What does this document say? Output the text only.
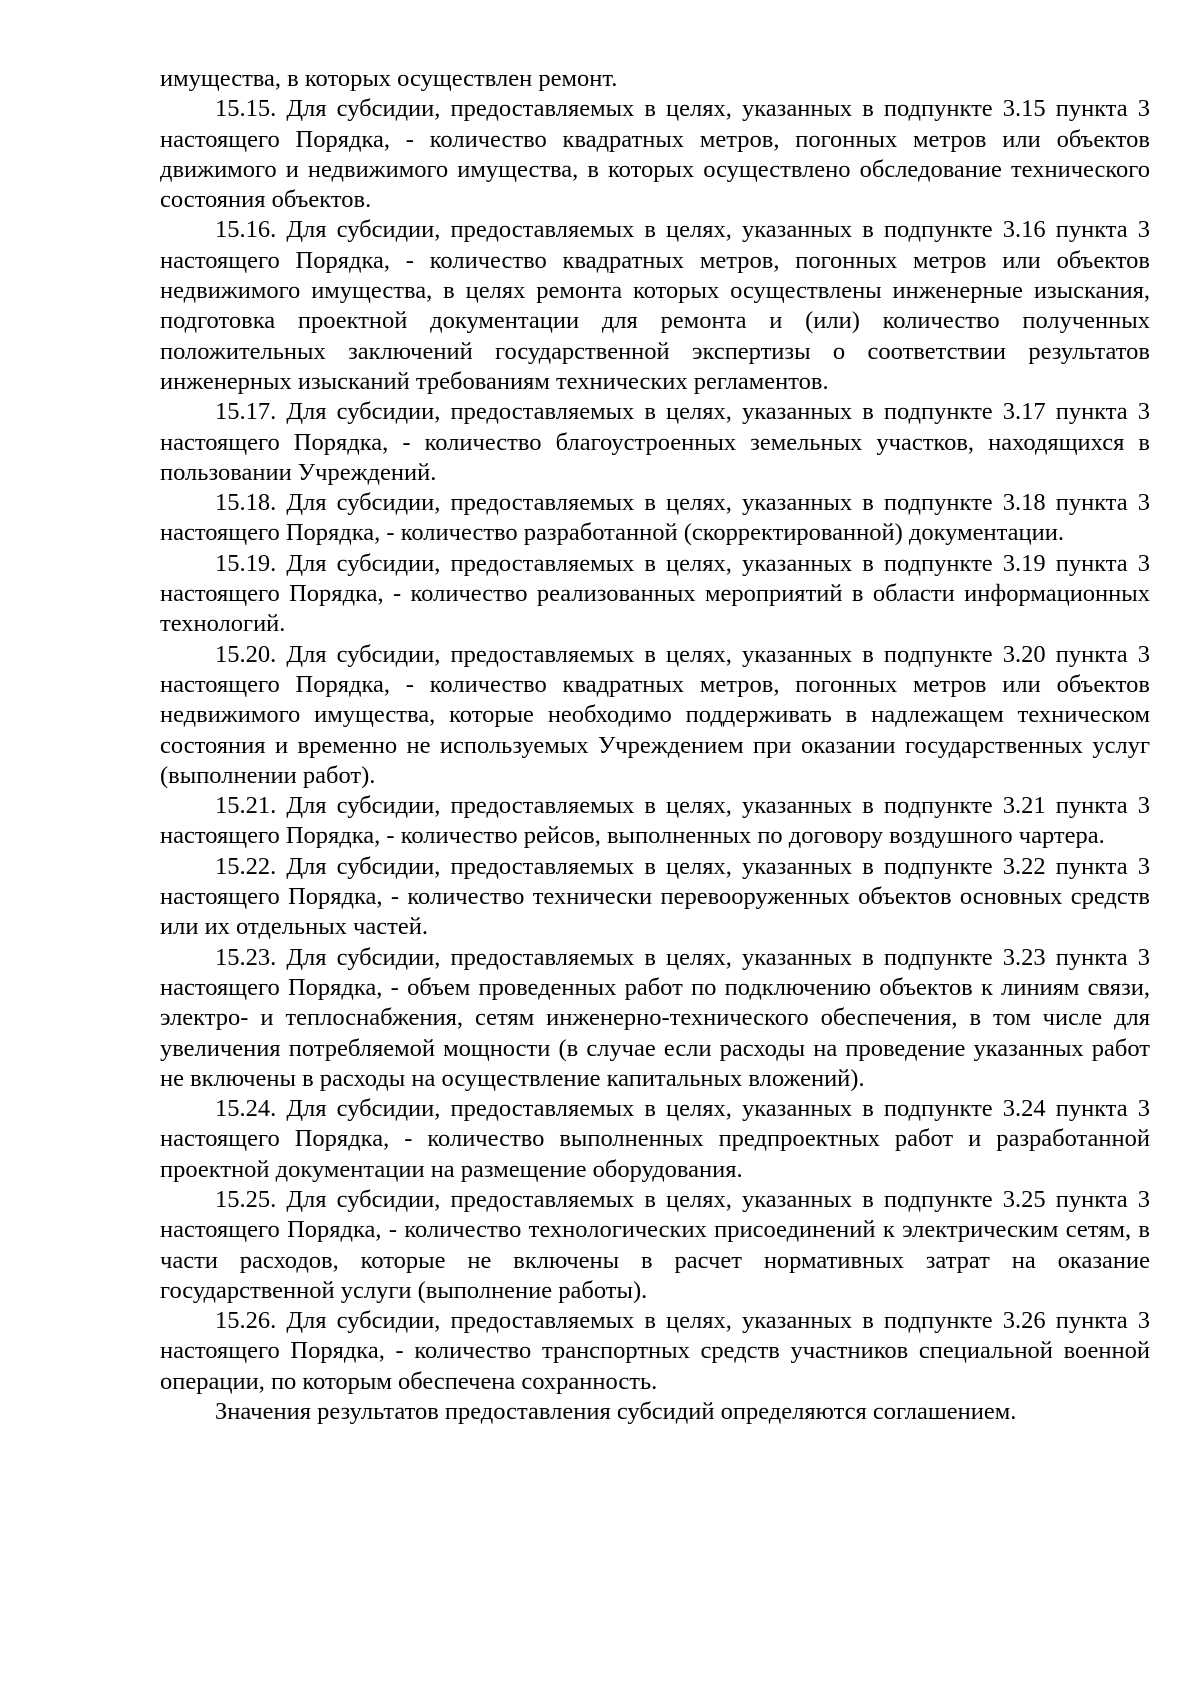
имущества, в которых осуществлен ремонт.

15.15. Для субсидии, предоставляемых в целях, указанных в подпункте 3.15 пункта 3 настоящего Порядка, - количество квадратных метров, погонных метров или объектов движимого и недвижимого имущества, в которых осуществлено обследование технического состояния объектов.

15.16. Для субсидии, предоставляемых в целях, указанных в подпункте 3.16 пункта 3 настоящего Порядка, - количество квадратных метров, погонных метров или объектов недвижимого имущества, в целях ремонта которых осуществлены инженерные изыскания, подготовка проектной документации для ремонта и (или) количество полученных положительных заключений государственной экспертизы о соответствии результатов инженерных изысканий требованиям технических регламентов.

15.17. Для субсидии, предоставляемых в целях, указанных в подпункте 3.17 пункта 3 настоящего Порядка, - количество благоустроенных земельных участков, находящихся в пользовании Учреждений.

15.18. Для субсидии, предоставляемых в целях, указанных в подпункте 3.18 пункта 3 настоящего Порядка, - количество разработанной (скорректированной) документации.

15.19. Для субсидии, предоставляемых в целях, указанных в подпункте 3.19 пункта 3 настоящего Порядка, - количество реализованных мероприятий в области информационных технологий.

15.20. Для субсидии, предоставляемых в целях, указанных в подпункте 3.20 пункта 3 настоящего Порядка, - количество квадратных метров, погонных метров или объектов недвижимого имущества, которые необходимо поддерживать в надлежащем техническом состояния и временно не используемых Учреждением при оказании государственных услуг (выполнении работ).

15.21. Для субсидии, предоставляемых в целях, указанных в подпункте 3.21 пункта 3 настоящего Порядка, - количество рейсов, выполненных по договору воздушного чартера.

15.22. Для субсидии, предоставляемых в целях, указанных в подпункте 3.22 пункта 3 настоящего Порядка, - количество технически перевооруженных объектов основных средств или их отдельных частей.

15.23. Для субсидии, предоставляемых в целях, указанных в подпункте 3.23 пункта 3 настоящего Порядка, - объем проведенных работ по подключению объектов к линиям связи, электро- и теплоснабжения, сетям инженерно-технического обеспечения, в том числе для увеличения потребляемой мощности (в случае если расходы на проведение указанных работ не включены в расходы на осуществление капитальных вложений).

15.24. Для субсидии, предоставляемых в целях, указанных в подпункте 3.24 пункта 3 настоящего Порядка, - количество выполненных предпроектных работ и разработанной проектной документации на размещение оборудования.

15.25. Для субсидии, предоставляемых в целях, указанных в подпункте 3.25 пункта 3 настоящего Порядка, - количество технологических присоединений к электрическим сетям, в части расходов, которые не включены в расчет нормативных затрат на оказание государственной услуги (выполнение работы).

15.26. Для субсидии, предоставляемых в целях, указанных в подпункте 3.26 пункта 3 настоящего Порядка, - количество транспортных средств участников специальной военной операции, по которым обеспечена сохранность.

Значения результатов предоставления субсидий определяются соглашением.
